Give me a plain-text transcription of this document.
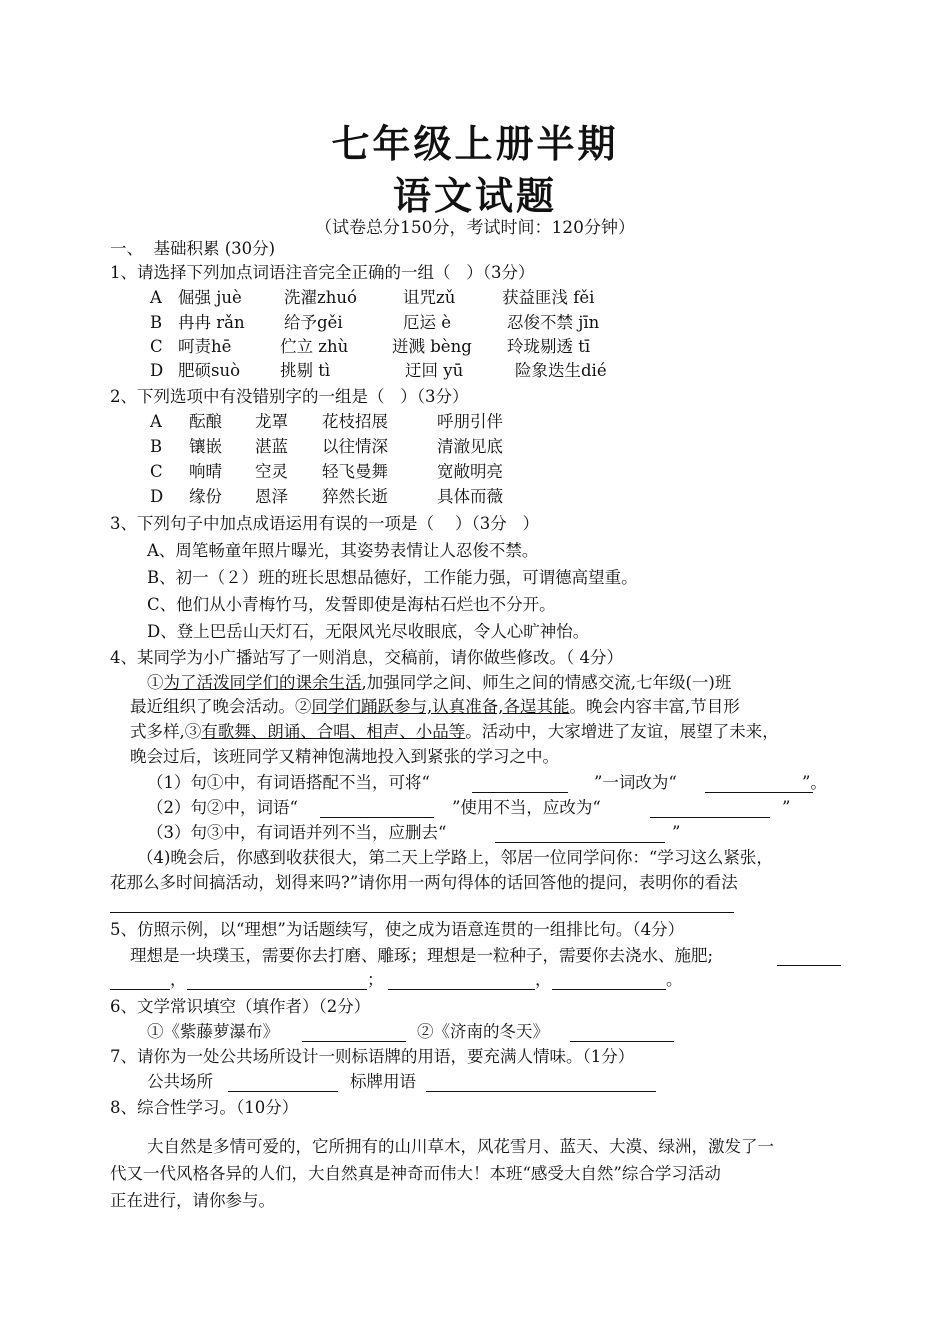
七年级上册半期
语文试题
（试卷总分150分，考试时间：120分钟）
一、  基础积累 (30分)
1、请选择下列加点词语注音完全正确的一组（   ）（3分）
A 倔强 juè	洗濯zhuó	诅咒zǔ	获益匪浅 fěi
B 冉冉 rǎn 给予gěi	厄运 è	忍俊不禁 jīn
C 呵责hē	伫立 zhù	迸溅 bèng 玲珑剔透 tī
D 肥硕suò 挑剔 tì	迂回 yū	险象迭生dié
2、下列选项中有没错别字的一组是（   ）（3分）
A 酝酿 龙罩 花枝招展	呼朋引伴
B 镶嵌 湛蓝 以往情深	清澈见底
C 响晴 空灵 轻飞曼舞	宽敞明亮
D 缘份 恩泽 猝然长逝	具体而薇
3、下列句子中加点成语运用有误的一项是（    ）（3分   ）
A、周笔畅童年照片曝光，其姿势表情让人忍俊不禁。
B、初一（２）班的班长思想品德好，工作能力强，可谓德高望重。
C、他们从小青梅竹马，发誓即使是海枯石烂也不分开。
D、登上巴岳山天灯石，无限风光尽收眼底，令人心旷神怡。
4、某同学为小广播站写了一则消息，交稿前，请你做些修改。（ 4分）
①为了活泼同学们的课余生活,加强同学之间、师生之间的情感交流,七年级(一)班
最近组织了晚会活动。②同学们踊跃参与,认真准备,各逞其能。晚会内容丰富,节目形
式多样,③有歌舞、朗诵、合唱、相声、小品等。活动中，大家增进了友谊，展望了未来，
晚会过后，该班同学又精神饱满地投入到紧张的学习之中。
（1）句①中，有词语搭配不当，可将“	”一词改为“	”。
（2）句②中，词语“	”使用不当，应改为“	”
（3）句③中，有词语并列不当，应删去“	”
（4)晚会后，你感到收获很大，第二天上学路上，邻居一位同学问你：“学习这么紧张，
花那么多时间搞活动，划得来吗?”请你用一两句得体的话回答他的提问，表明你的看法
5、仿照示例，以“理想”为话题续写，使之成为语意连贯的一组排比句。（4分）
理想是一块璞玉，需要你去打磨、雕琢；理想是一粒种子，需要你去浇水、施肥;
，	；	，	。
6、文学常识填空（填作者）（2分）
①《紫藤萝瀑布》	②《济南的冬天》
7、请你为一处公共场所设计一则标语牌的用语，要充满人情味。（1分）
公共场所	标牌用语
8、综合性学习。（10分）
大自然是多情可爱的，它所拥有的山川草木，风花雪月、蓝天、大漠、绿洲，激发了一
代又一代风格各异的人们，大自然真是神奇而伟大！本班“感受大自然”综合学习活动
正在进行，请你参与。
